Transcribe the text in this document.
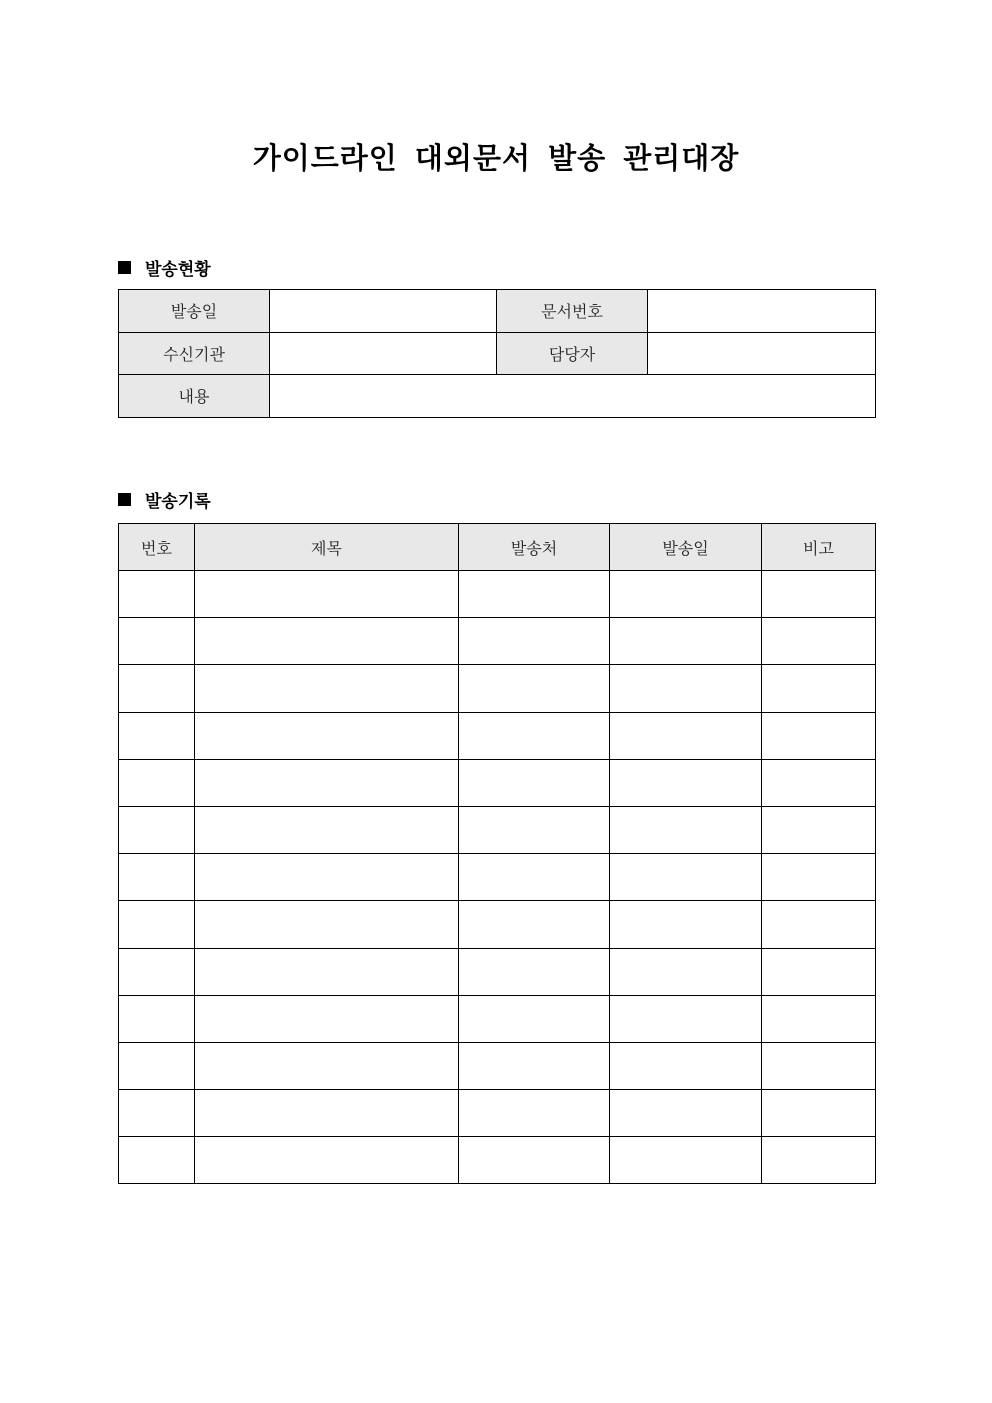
가이드라인 대외문서 발송 관리대장
발송현황
발송일		문서번호	
수신기관		담당자	
내용			
발송기록
번호	제목	발송처	발송일	비고
